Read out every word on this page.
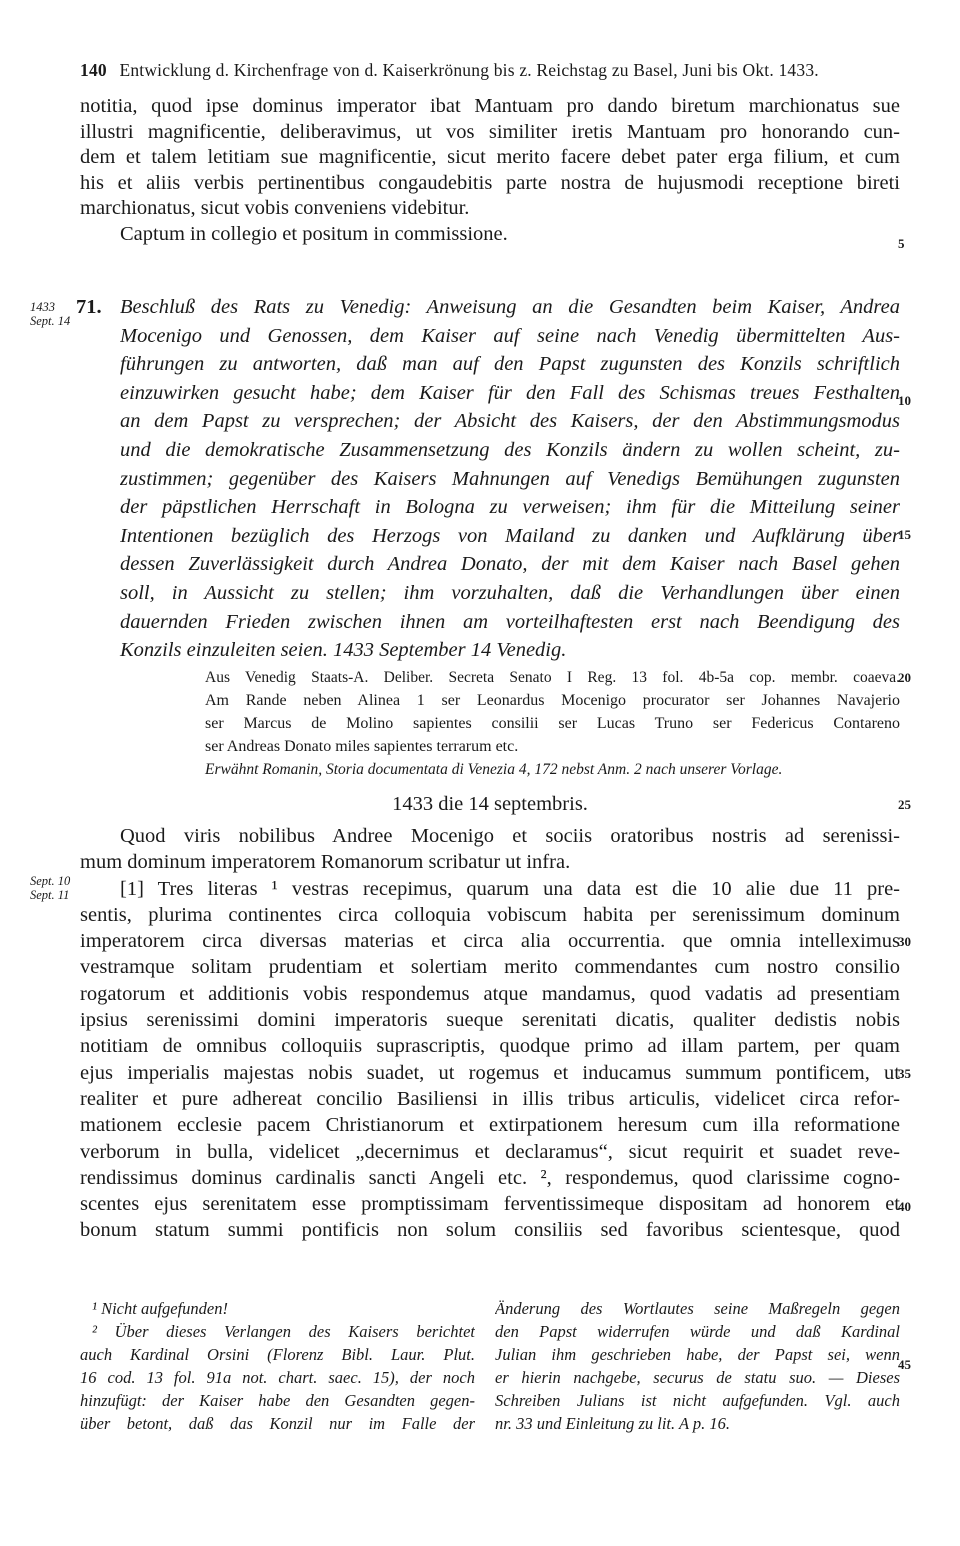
140 Entwicklung d. Kirchenfrage von d. Kaiserkrönung bis z. Reichstag zu Basel, Juni bis Okt. 1433.
notitia, quod ipse dominus imperator ibat Mantuam pro dando biretum marchionatus sue
illustri magnificentie, deliberavimus, ut vos similiter iretis Mantuam pro honorando cun-
dem et talem letitiam sue magnificentie, sicut merito facere debet pater erga filium, et cum
his et aliis verbis pertinentibus congaudebitis parte nostra de hujusmodi receptione bireti
marchionatus, sicut vobis conveniens videbitur.
Captum in collegio et positum in commissione.
1433
Sept. 14
71. Beschluß des Rats zu Venedig: Anweisung an die Gesandten beim Kaiser, Andrea
Mocenigo und Genossen, dem Kaiser auf seine nach Venedig übermittelten Aus-
führungen zu antworten, daß man auf den Papst zugunsten des Konzils schriftlich
einzuwirken gesucht habe; dem Kaiser für den Fall des Schismas treues Festhalten
an dem Papst zu versprechen; der Absicht des Kaisers, der den Abstimmungsmodus
und die demokratische Zusammensetzung des Konzils ändern zu wollen scheint, zu-
zustimmen; gegenüber des Kaisers Mahnungen auf Venedigs Bemühungen zugunsten
der päpstlichen Herrschaft in Bologna zu verweisen; ihm für die Mitteilung seiner
Intentionen bezüglich des Herzogs von Mailand zu danken und Aufklärung über
dessen Zuverlässigkeit durch Andrea Donato, der mit dem Kaiser nach Basel gehen
soll, in Aussicht zu stellen; ihm vorzuhalten, daß die Verhandlungen über einen
dauernden Frieden zwischen ihnen am vorteilhaftesten erst nach Beendigung des
Konzils einzuleiten seien. 1433 September 14 Venedig.
Aus Venedig Staats-A. Deliber. Secreta Senato I Reg. 13 fol. 4b-5a cop. membr. coaeva.
Am Rande neben Alinea 1 ser Leonardus Mocenigo procurator ser Johannes Navajerio
ser Marcus de Molino sapientes consilii ser Lucas Truno ser Federicus Contareno
ser Andreas Donato miles sapientes terrarum etc.
Erwähnt Romanin, Storia documentata di Venezia 4, 172 nebst Anm. 2 nach unserer Vorlage.
1433 die 14 septembris.
Sept. 10
Sept. 11
Quod viris nobilibus Andree Mocenigo et sociis oratoribus nostris ad serenissi-
mum dominum imperatorem Romanorum scribatur ut infra.
[1] Tres literas ¹ vestras recepimus, quarum una data est die 10 alie due 11 pre-
sentis, plurima continentes circa colloquia vobiscum habita per serenissimum dominum
imperatorem circa diversas materias et circa alia occurrentia. que omnia intelleximus
vestramque solitam prudentiam et solertiam merito commendantes cum nostro consilio
rogatorum et additionis vobis respondemus atque mandamus, quod vadatis ad presentiam
ipsius serenissimi domini imperatoris sueque serenitati dicatis, qualiter dedistis nobis
notitiam de omnibus colloquiis suprascriptis, quodque primo ad illam partem, per quam
ejus imperialis majestas nobis suadet, ut rogemus et inducamus summum pontificem, ut
realiter et pure adhereat concilio Basiliensi in illis tribus articulis, videlicet circa refor-
mationem ecclesie pacem Christianorum et extirpationem heresum cum illa reformatione
verborum in bulla, videlicet „decernimus et declaramus“, sicut requirit et suadet reve-
rendissimus dominus cardinalis sancti Angeli etc. ², respondemus, quod clarissime cogno-
scentes ejus serenitatem esse promptissimam ferventissimeque dispositam ad honorem et
bonum statum summi pontificis non solum consiliis sed favoribus scientesque, quod
5
10
15
20
25
30
35
40
45
¹ Nicht aufgefunden!
² Über dieses Verlangen des Kaisers berichtet
auch Kardinal Orsini (Florenz Bibl. Laur. Plut.
16 cod. 13 fol. 91a not. chart. saec. 15), der noch
hinzufügt: der Kaiser habe den Gesandten gegen-
über betont, daß das Konzil nur im Falle der
Änderung des Wortlautes seine Maßregeln gegen
den Papst widerrufen würde und daß Kardinal
Julian ihm geschrieben habe, der Papst sei, wenn
er hierin nachgebe, securus de statu suo. — Dieses
Schreiben Julians ist nicht aufgefunden. Vgl. auch
nr. 33 und Einleitung zu lit. A p. 16.
